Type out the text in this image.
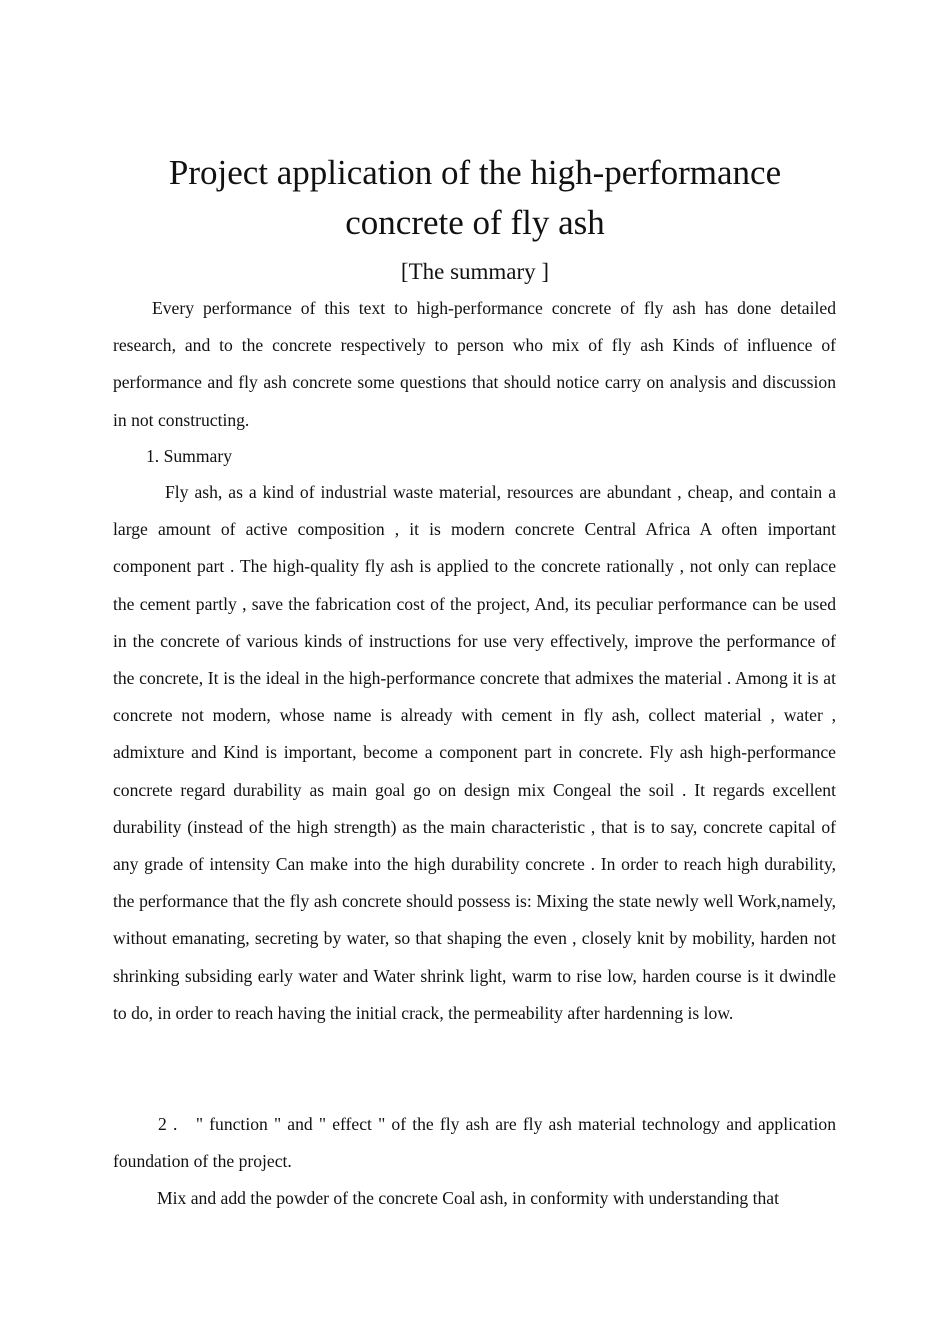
Project application of the high-performance concrete of fly ash
[The summary ]

Every performance of this text to high-performance concrete of fly ash has done detailed research, and to the concrete respectively to person who mix of fly ash Kinds of influence of performance and fly ash concrete some questions that should notice carry on analysis and discussion in not constructing.

1. Summary

Fly ash, as a kind of industrial waste material, resources are abundant , cheap, and contain a large amount of active composition , it is modern concrete Central Africa A often important component part . The high-quality fly ash is applied to the concrete rationally , not only can replace the cement partly , save the fabrication cost of the project, And, its peculiar performance can be used in the concrete of various kinds of instructions for use very effectively, improve the performance of the concrete, It is the ideal in the high-performance concrete that admixes the material . Among it is at concrete not modern, whose name is already with cement in fly ash, collect material , water , admixture and Kind is important, become a component part in concrete. Fly ash high-performance concrete regard durability as main goal go on design mix Congeal the soil . It regards excellent durability (instead of the high strength) as the main characteristic , that is to say, concrete capital of any grade of intensity Can make into the high durability concrete . In order to reach high durability, the performance that the fly ash concrete should possess is: Mixing the state newly well Work,namely, without emanating, secreting by water, so that shaping the even , closely knit by mobility, harden not shrinking subsiding early water and Water shrink light, warm to rise low, harden course is it dwindle to do, in order to reach having the initial crack, the permeability after hardenning is low.

2 .   " function " and " effect " of the fly ash are fly ash material technology and application foundation of the project.

Mix and add the powder of the concrete Coal ash, in conformity with understanding that
